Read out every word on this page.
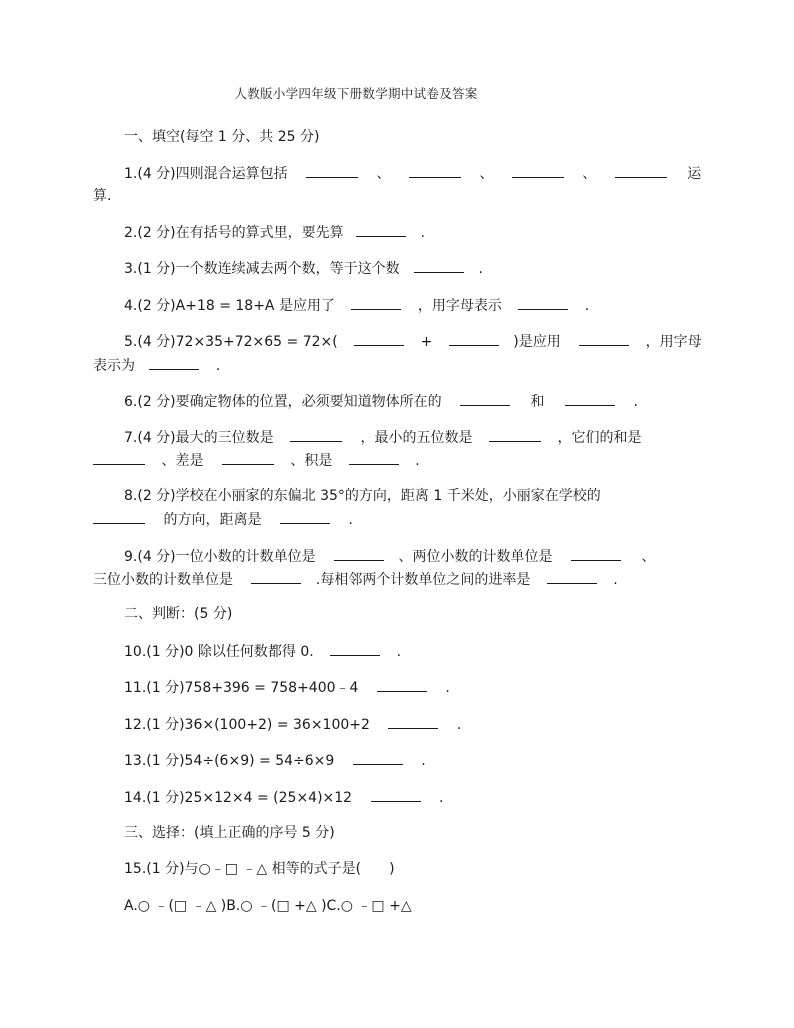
人教版小学四年级下册数学期中试卷及答案
一、填空(每空 1 分、共 25 分)
1.(4 分)四则混合运算包括	、	、	、	运
算.
2.(2 分)在有括号的算式里，要先算	.
3.(1 分)一个数连续减去两个数，等于这个数	.
4.(2 分)A+18 = 18+A 是应用了	，用字母表示	.
5.(4 分)72×35+72×65 = 72×(	+	)是应用	，用字母
表示为	.
6.(2 分)要确定物体的位置，必须要知道物体所在的	和	.
7.(4 分)最大的三位数是	，最小的五位数是	，它们的和是
、差是	、积是	.
8.(2 分)学校在小丽家的东偏北 35°的方向，距离 1 千米处，小丽家在学校的
的方向，距离是	.
9.(4 分)一位小数的计数单位是	、两位小数的计数单位是	、
三位小数的计数单位是	.每相邻两个计数单位之间的进率是	.
二、判断：(5 分)
10.(1 分)0 除以任何数都得 0.	.
11.(1 分)758+396 = 758+400﹣4	.
12.(1 分)36×(100+2) = 36×100+2	.
13.(1 分)54÷(6×9) = 54÷6×9	.
14.(1 分)25×12×4 = (25×4)×12	.
三、选择：(填上正确的序号 5 分)
15.(1 分)与○﹣□ ﹣△ 相等的式子是(　　)
A.○ ﹣(□ ﹣△ )B.○ ﹣(□ +△ )C.○ ﹣□ +△
